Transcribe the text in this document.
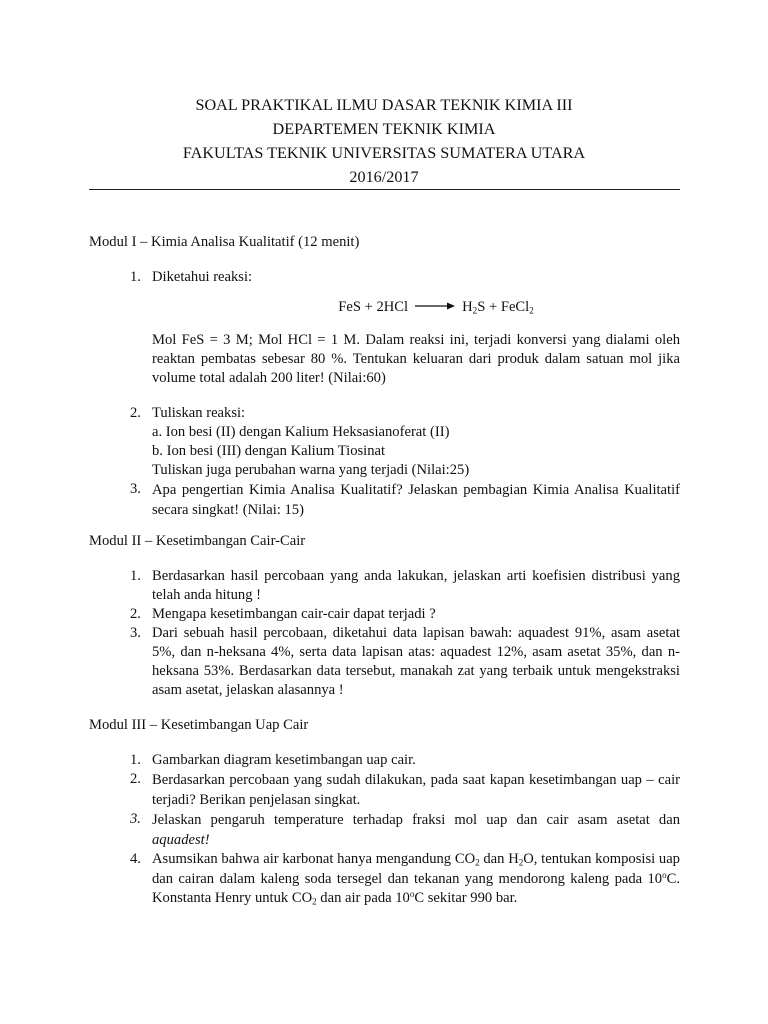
SOAL PRAKTIKAL ILMU DASAR TEKNIK KIMIA III
DEPARTEMEN TEKNIK KIMIA
FAKULTAS TEKNIK UNIVERSITAS SUMATERA UTARA
2016/2017
Modul I – Kimia Analisa Kualitatif (12 menit)
1. Diketahui reaksi:
FeS + $2HCl \to H_2S$ + FeCl$_2$
Mol FeS = 3 M; Mol HCl = 1 M. Dalam reaksi ini, terjadi konversi yang dialami oleh reaktan pembatas sebesar 80 %. Tentukan keluaran dari produk dalam satuan mol jika volume total adalah 200 liter! (Nilai:60)
2. Tuliskan reaksi:
a. Ion besi (II) dengan Kalium Heksasianoferat (II)
b. Ion besi (III) dengan Kalium Tiosinat
Tuliskan juga perubahan warna yang terjadi (Nilai:25)
3. Apa pengertian Kimia Analisa Kualitatif? Jelaskan pembagian Kimia Analisa Kualitatif secara singkat! (Nilai: 15)
Modul II – Kesetimbangan Cair-Cair
1. Berdasarkan hasil percobaan yang anda lakukan, jelaskan arti koefisien distribusi yang telah anda hitung !
2. Mengapa kesetimbangan cair-cair dapat terjadi ?
3. Dari sebuah hasil percobaan, diketahui data lapisan bawah: aquadest 91%, asam asetat 5%, dan n-heksana 4%, serta data lapisan atas: aquadest 12%, asam asetat 35%, dan n-heksana 53%. Berdasarkan data tersebut, manakah zat yang terbaik untuk mengekstraksi asam asetat, jelaskan alasannya !
Modul III – Kesetimbangan Uap Cair
1. Gambarkan diagram kesetimbangan uap cair.
2. Berdasarkan percobaan yang sudah dilakukan, pada saat kapan kesetimbangan uap – cair terjadi? Berikan penjelasan singkat.
3. Jelaskan pengaruh temperature terhadap fraksi mol uap dan cair asam asetat dan aquadest!
4. Asumsikan bahwa air karbonat hanya mengandung $CO_2$ dan $H_2O$, tentukan komposisi uap dan cairan dalam kaleng soda tersegel dan tekanan yang mendorong kaleng pada 10$^o$C. Konstanta Henry untuk $CO_2$ dan air pada 10$^o$C sekitar 990 bar.
